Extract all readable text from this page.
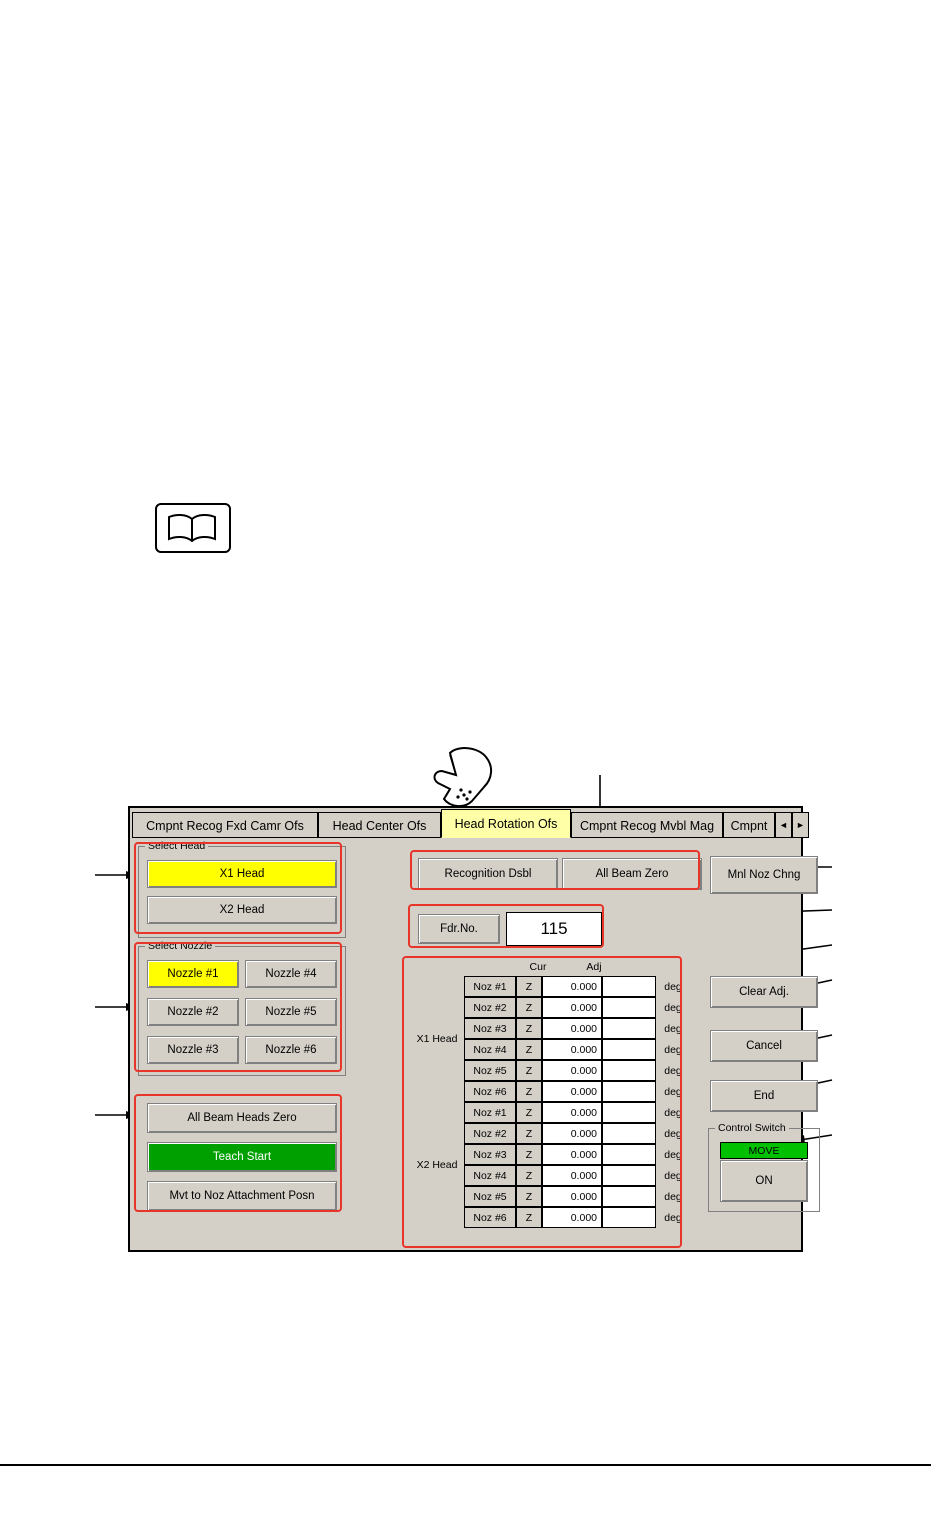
Cmpnt Recog Fxd Camr Ofs	Head Center Ofs	Head Rotation Ofs	Cmpnt Recog Mvbl Mag	Cmpnt	◄ ►
Select Head
X1 Head
X2 Head
Select Nozzle
Nozzle #1	Nozzle #4
Nozzle #2	Nozzle #5
Nozzle #3	Nozzle #6
All Beam Heads Zero
Teach Start
Mvt to Noz Attachment Posn
Recognition Dsbl	All Beam Zero	Mnl Noz Chng
Fdr.No.	115
Cur	Adj
X1 Head
X2 Head
Noz #1	Z	0.000	deg
Noz #2	Z	0.000	deg
Noz #3	Z	0.000	deg
Noz #4	Z	0.000	deg
Noz #5	Z	0.000	deg
Noz #6	Z	0.000	deg
Noz #1	Z	0.000	deg
Noz #2	Z	0.000	deg
Noz #3	Z	0.000	deg
Noz #4	Z	0.000	deg
Noz #5	Z	0.000	deg
Noz #6	Z	0.000	deg
Clear Adj.
Cancel
End
Control Switch
MOVE
ON
